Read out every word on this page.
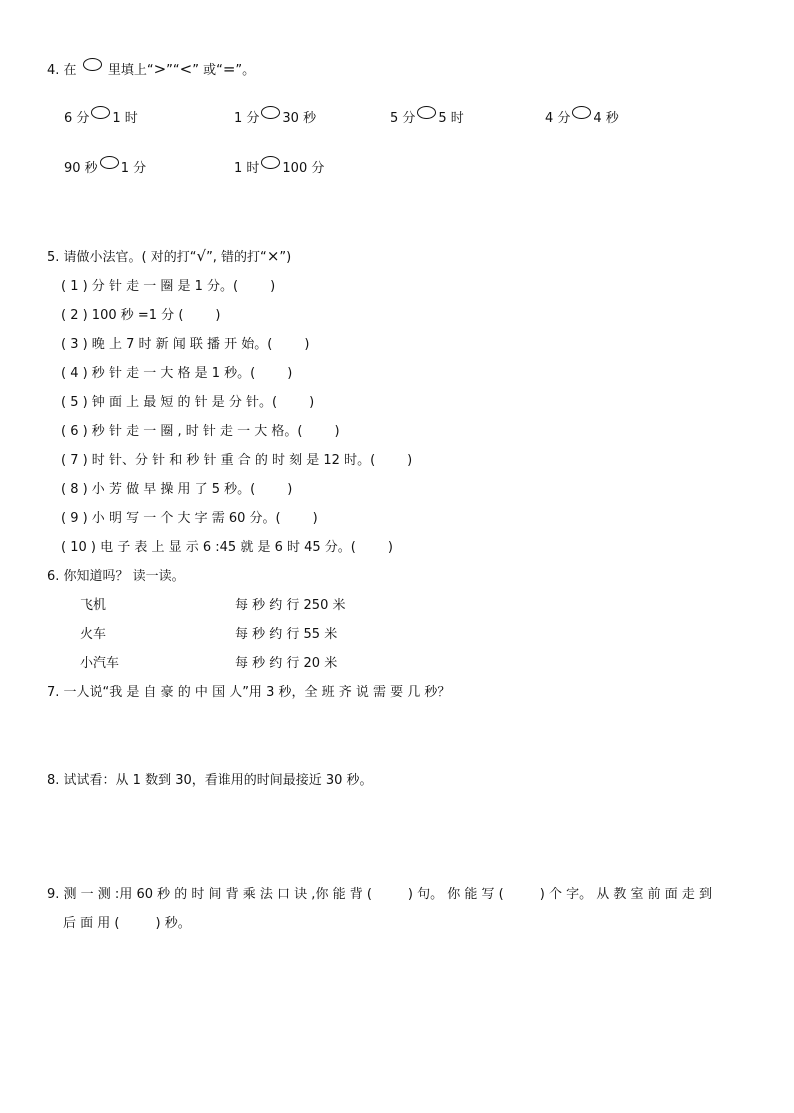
4. 在 里填上“>”“<” 或“=”。
6 分 1 时	1 分 30 秒	5 分 5 时	4 分 4 秒
90 秒 1 分	1 时 100 分
5. 请做小法官。( 对的打“√”, 错的打“×”)
( 1 ) 分 针 走 一 圈 是 1 分。( )
( 2 ) 100 秒 =1 分 ( )
( 3 ) 晚 上 7 时 新 闻 联 播 开 始。( )
( 4 ) 秒 针 走 一 大 格 是 1 秒。( )
( 5 ) 钟 面 上 最 短 的 针 是 分 针。( )
( 6 ) 秒 针 走 一 圈 , 时 针 走 一 大 格。( )
( 7 ) 时 针、分 针 和 秒 针 重 合 的 时 刻 是 12 时。( )
( 8 ) 小 芳 做 早 操 用 了 5 秒。( )
( 9 ) 小 明 写 一 个 大 字 需 60 分。( )
( 10 ) 电 子 表 上 显 示 6 :45 就 是 6 时 45 分。( )
6. 你知道吗？ 读一读。
飞机	每 秒 约 行 250 米
火车	每 秒 约 行 55 米
小汽车	每 秒 约 行 20 米
7. 一人说“我 是 自 豪 的 中 国 人”用 3 秒，全 班 齐 说 需 要 几 秒？
8. 试试看：从 1 数到 30，看谁用的时间最接近 30 秒。
9. 测 一 测 :用 60 秒 的 时 间 背 乘 法 口 诀 ,你 能 背 (	) 句。 你 能 写 (	) 个 字。 从 教 室 前 面 走 到
后 面 用 (	) 秒。
